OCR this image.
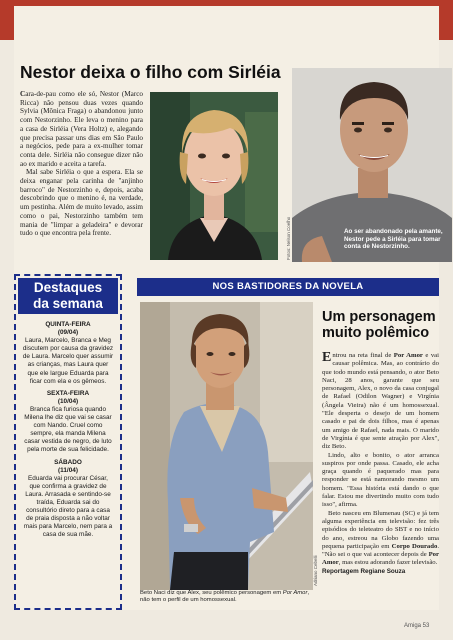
Nestor deixa o filho com Sirléia

Cara-de-pau como ele só, Nestor (Marco Ricca) não pensou duas vezes quando Sylvia (Mônica Fraga) o abandonou junto com Nestorzinho. Ele leva o menino para a casa de Sirléia (Vera Holtz) e, alegando que precisa passar uns dias em São Paulo a negócios, pede para a ex-mulher tomar conta dele. Sirléia não consegue dizer não ao ex marido e aceita a tarefa.

Mal sabe Sirléia o que a espera. Ela se deixa enganar pela carinha de "anjinho barroco" de Nestorzinho e, depois, acaba descobrindo que o menino é, na verdade, um pestinha. Além de muito levado, assim como o pai, Nestorzinho também tem mania de "limpar a geladeira" e devorar tudo o que encontra pela frente.	Fotos: Nelson Coelho	Ao ser abandonado pela amante, Nestor pede a Sirléia para tomar conta de Nestorzinho.

Destaques
da semana
QUINTA-FEIRA
(09/04)
Laura, Marcelo, Branca e Meg discutem por causa da gravidez de Laura. Marcelo quer assumir as crianças, mas Laura quer que ele largue Eduarda para ficar com ela e os gêmeos.
SEXTA-FEIRA
(10/04)
Branca fica furiosa quando Milena lhe diz que vai se casar com Nando. Cruel como sempre, ela manda Milena casar vestida de negro, de luto pela morte de sua felicidade.
SÁBADO
(11/04)
Eduarda vai procurar César, que confirma a gravidez de Laura. Arrasada e sentindo-se traída, Eduarda sai do consultório direto para a casa de praia disposta a não voltar mais para Marcelo, nem para a casa de sua mãe.
NOS BASTIDORES DA NOVELA
Adriano Cebelli

Beto Naci diz que Alex, seu polêmico personagem em Por Amor, não tem o perfil de um homossexual.

Um personagem muito polêmico

Entrou na reta final de Por Amor e vai causar polêmica. Mas, ao contrário do que todo mundo está pensando, o ator Beto Naci, 28 anos, garante que seu personagem, Alex, o novo da casa conjugal de Rafael (Odilon Wagner) e Virgínia (Ângela Vieira) não é um homossexual. "Ele desperta o desejo de um homem casado e pai de dois filhos, mas é apenas um amigo de Rafael, nada mais. O marido de Virgínia é que sente atração por Alex", diz Beto.

Lindo, alto e bonito, o ator arranca suspiros por onde passa. Casado, ele acha graça quando é paquerado mas para responder se está namorando mesmo um homem. "Essa história está dando o que falar. Estou me divertindo muito com tudo isso", afirma.

Beto nasceu em Blumenau (SC) e já tem alguma experiência em televisão: fez três episódios do teleteatro do SBT e no início do ano, estreou na Globo fazendo uma pequena participação em Corpo Dourado. "Não sei o que vai acontecer depois de Por Amor, mas estou adorando fazer televisão.

Reportagem Regiane Souza

Amiga 53
